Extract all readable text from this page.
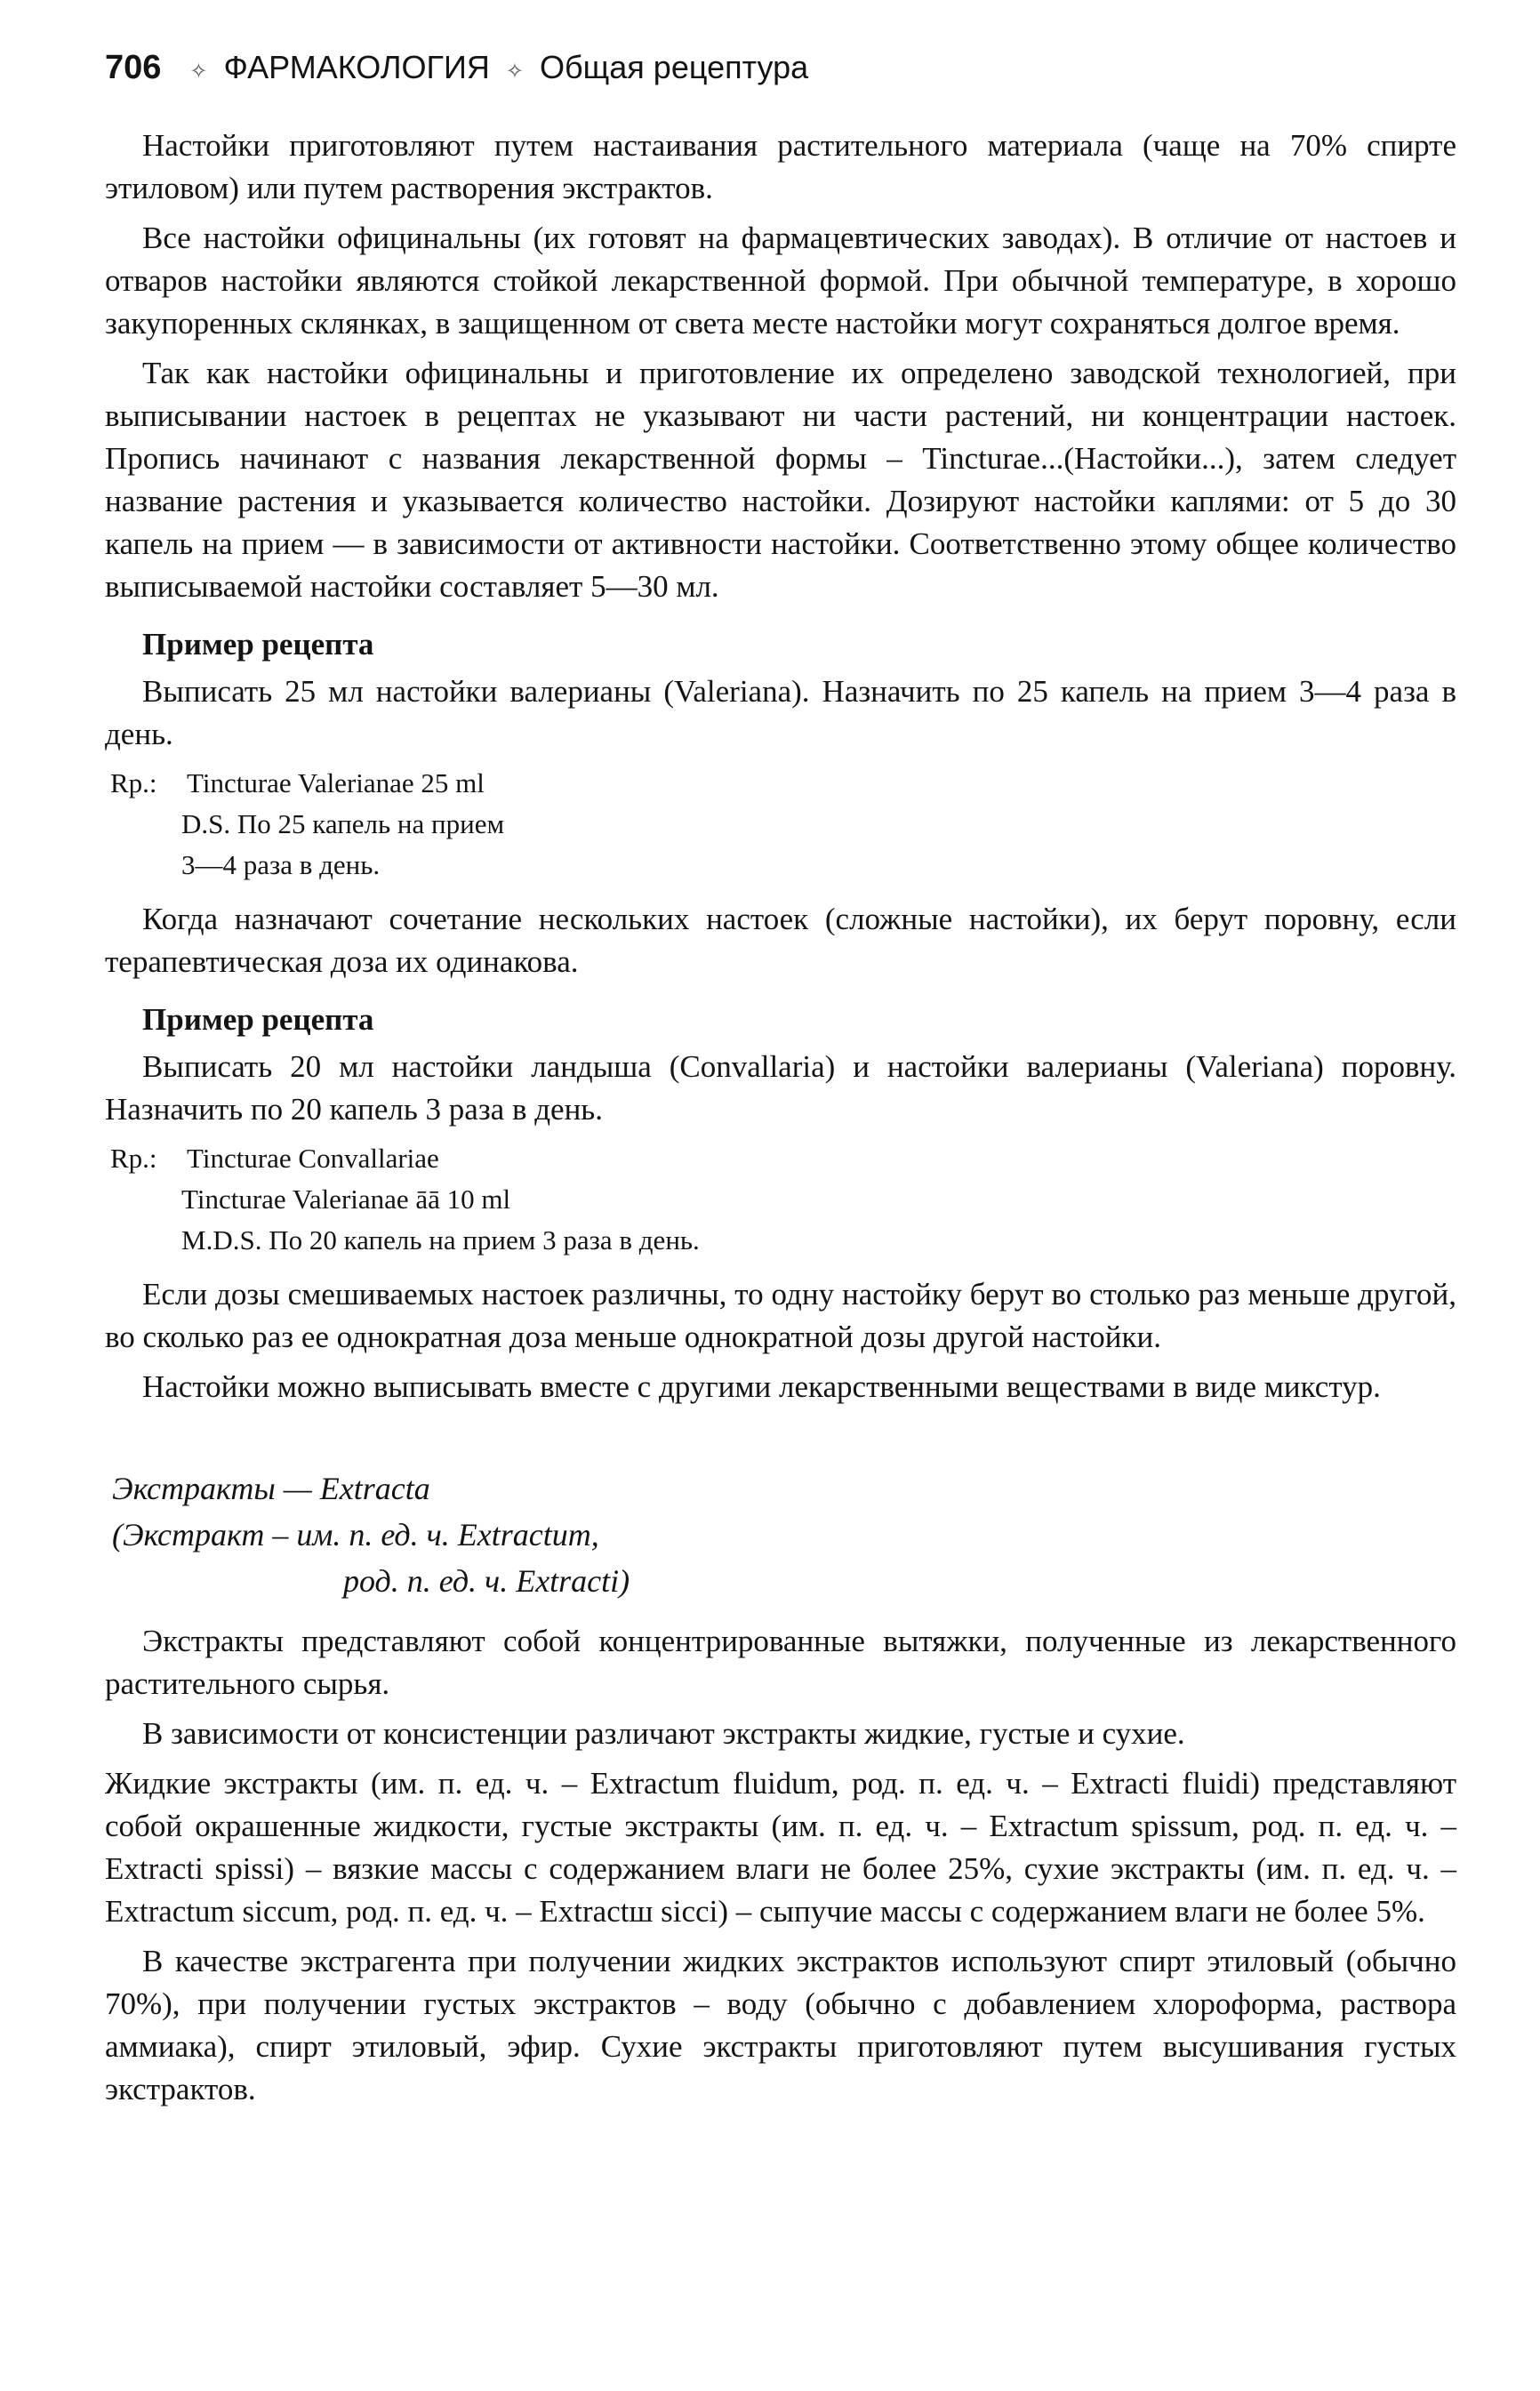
706 ✧ ФАРМАКОЛОГИЯ ✧ Общая рецептура

Настойки приготовляют путем настаивания растительного материала (чаще на 70% спирте этиловом) или путем растворения экстрактов.

Все настойки официнальны (их готовят на фармацевтических заводах). В отличие от настоев и отваров настойки являются стойкой лекарственной формой. При обычной температуре, в хорошо закупоренных склянках, в защищенном от света месте настойки могут сохраняться долгое время.

Так как настойки официнальны и приготовление их определено заводской технологией, при выписывании настоек в рецептах не указывают ни части растений, ни концентрации настоек. Пропись начинают с названия лекарственной формы – Tincturae...(Настойки...), затем следует название растения и указывается количество настойки. Дозируют настойки каплями: от 5 до 30 капель на прием — в зависимости от активности настойки. Соответственно этому общее количество выписываемой настойки составляет 5—30 мл.

Пример рецепта

Выписать 25 мл настойки валерианы (Valeriana). Назначить по 25 капель на прием 3—4 раза в день.

Rp.:	Tincturae Valerianae 25 ml
D.S. По 25 капель на прием
3—4 раза в день.

Когда назначают сочетание нескольких настоек (сложные настойки), их берут поровну, если терапевтическая доза их одинакова.

Пример рецепта

Выписать 20 мл настойки ландыша (Convallaria) и настойки валерианы (Valeriana) поровну. Назначить по 20 капель 3 раза в день.

Rp.:	Tincturae Convallariae
Tincturae Valerianae āā 10 ml
M.D.S. По 20 капель на прием 3 раза в день.

Если дозы смешиваемых настоек различны, то одну настойку берут во столько раз меньше другой, во сколько раз ее однократная доза меньше однократной дозы другой настойки.

Настойки можно выписывать вместе с другими лекарственными веществами в виде микстур.

Экстракты — Extracta
(Экстракт – им. п. ед. ч. Extractum,
род. п. ед. ч. Extracti)

Экстракты представляют собой концентрированные вытяжки, полученные из лекарственного растительного сырья.

В зависимости от консистенции различают экстракты жидкие, густые и сухие.

Жидкие экстракты (им. п. ед. ч. – Extractum fluidum, род. п. ед. ч. – Extracti fluidi) представляют собой окрашенные жидкости, густые экстракты (им. п. ед. ч. – Extractum spissum, род. п. ед. ч. – Extracti spissi) – вязкие массы с содержанием влаги не более 25%, сухие экстракты (им. п. ед. ч. – Extractum siccum, род. п. ед. ч. – Extractш sicci) – сыпучие массы с содержанием влаги не более 5%.

В качестве экстрагента при получении жидких экстрактов используют спирт этиловый (обычно 70%), при получении густых экстрактов – воду (обычно с добавлением хлороформа, раствора аммиака), спирт этиловый, эфир. Сухие экстракты приготовляют путем высушивания густых экстрактов.
